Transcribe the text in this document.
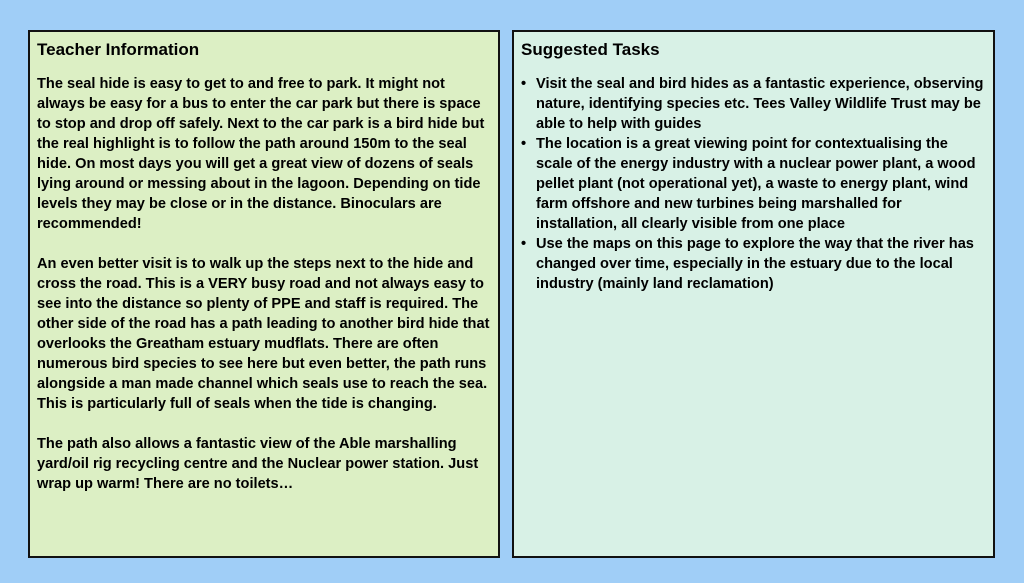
Teacher Information

The seal hide is easy to get to and free to park. It might not always be easy for a bus to enter the car park but there is space to stop and drop off safely. Next to the car park is a bird hide but the real highlight is to follow the path around 150m to the seal hide. On most days you will get a great view of dozens of seals lying around or messing about in the lagoon. Depending on tide levels they may be close or in the distance. Binoculars are recommended!

An even better visit is to walk up the steps next to the hide and cross the road. This is a VERY busy road and not always easy to see into the distance so plenty of PPE and staff is required. The other side of the road has a path leading to another bird hide that overlooks the Greatham estuary mudflats. There are often numerous bird species to see here but even better, the path runs alongside a man made channel which seals use to reach the sea. This is particularly full of seals when the tide is changing.

The path also allows a fantastic view of the Able marshalling yard/oil rig recycling centre and the Nuclear power station. Just wrap up warm! There are no toilets…

Suggested Tasks
• Visit the seal and bird hides as a fantastic experience, observing nature, identifying species etc. Tees Valley Wildlife Trust may be able to help with guides
• The location is a great viewing point for contextualising the scale of the energy industry with a nuclear power plant, a wood pellet plant (not operational yet), a waste to energy plant, wind farm offshore and new turbines being marshalled for installation, all clearly visible from one place
• Use the maps on this page to explore the way that the river has changed over time, especially in the estuary due to the local industry (mainly land reclamation)
